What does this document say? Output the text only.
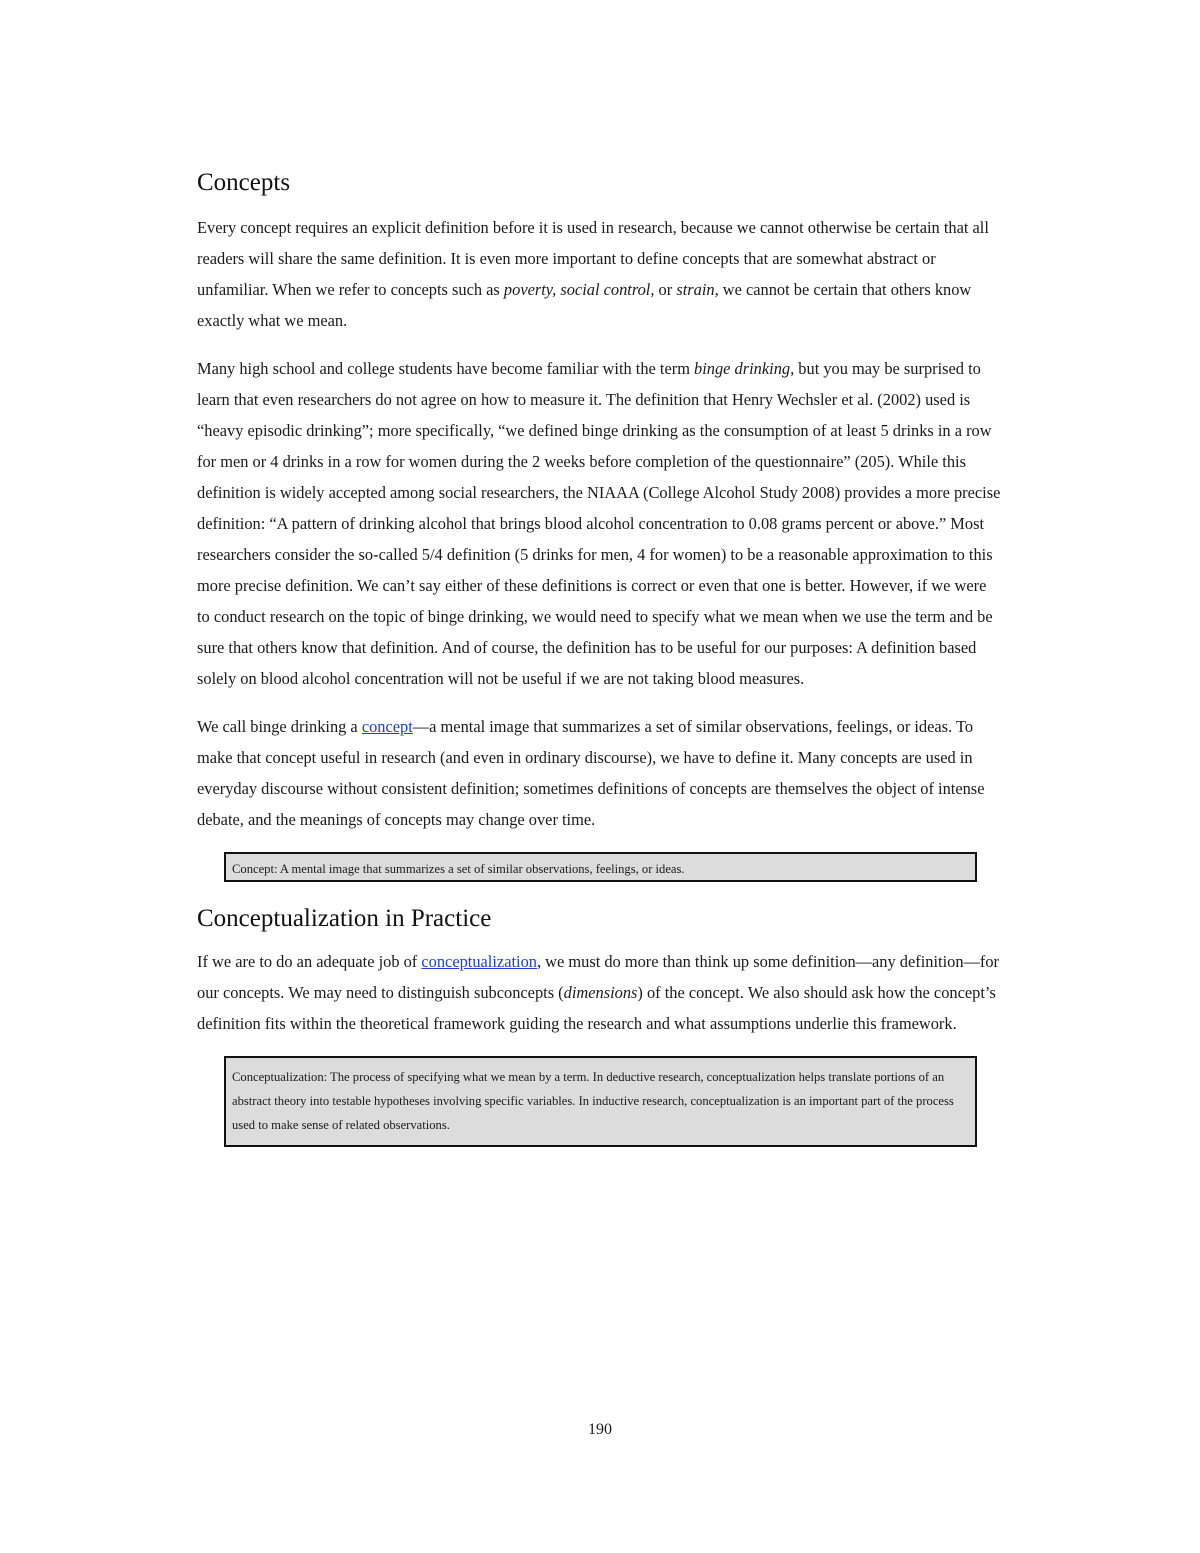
Concepts

Every concept requires an explicit definition before it is used in research, because we cannot otherwise be certain that all readers will share the same definition. It is even more important to define concepts that are somewhat abstract or unfamiliar. When we refer to concepts such as poverty, social control, or strain, we cannot be certain that others know exactly what we mean.

Many high school and college students have become familiar with the term binge drinking, but you may be surprised to learn that even researchers do not agree on how to measure it. The definition that Henry Wechsler et al. (2002) used is “heavy episodic drinking”; more specifically, “we defined binge drinking as the consumption of at least 5 drinks in a row for men or 4 drinks in a row for women during the 2 weeks before completion of the questionnaire” (205). While this definition is widely accepted among social researchers, the NIAAA (College Alcohol Study 2008) provides a more precise definition: “A pattern of drinking alcohol that brings blood alcohol concentration to 0.08 grams percent or above.” Most researchers consider the so-called 5/4 definition (5 drinks for men, 4 for women) to be a reasonable approximation to this more precise definition. We can’t say either of these definitions is correct or even that one is better. However, if we were to conduct research on the topic of binge drinking, we would need to specify what we mean when we use the term and be sure that others know that definition. And of course, the definition has to be useful for our purposes: A definition based solely on blood alcohol concentration will not be useful if we are not taking blood measures.

We call binge drinking a concept—a mental image that summarizes a set of similar observations, feelings, or ideas. To make that concept useful in research (and even in ordinary discourse), we have to define it. Many concepts are used in everyday discourse without consistent definition; sometimes definitions of concepts are themselves the object of intense debate, and the meanings of concepts may change over time.

Concept: A mental image that summarizes a set of similar observations, feelings, or ideas.
Conceptualization in Practice

If we are to do an adequate job of conceptualization, we must do more than think up some definition—any definition—for our concepts. We may need to distinguish subconcepts (dimensions) of the concept. We also should ask how the concept’s definition fits within the theoretical framework guiding the research and what assumptions underlie this framework.

Conceptualization: The process of specifying what we mean by a term. In deductive research, conceptualization helps translate portions of an abstract theory into testable hypotheses involving specific variables. In inductive research, conceptualization is an important part of the process used to make sense of related observations.
190
